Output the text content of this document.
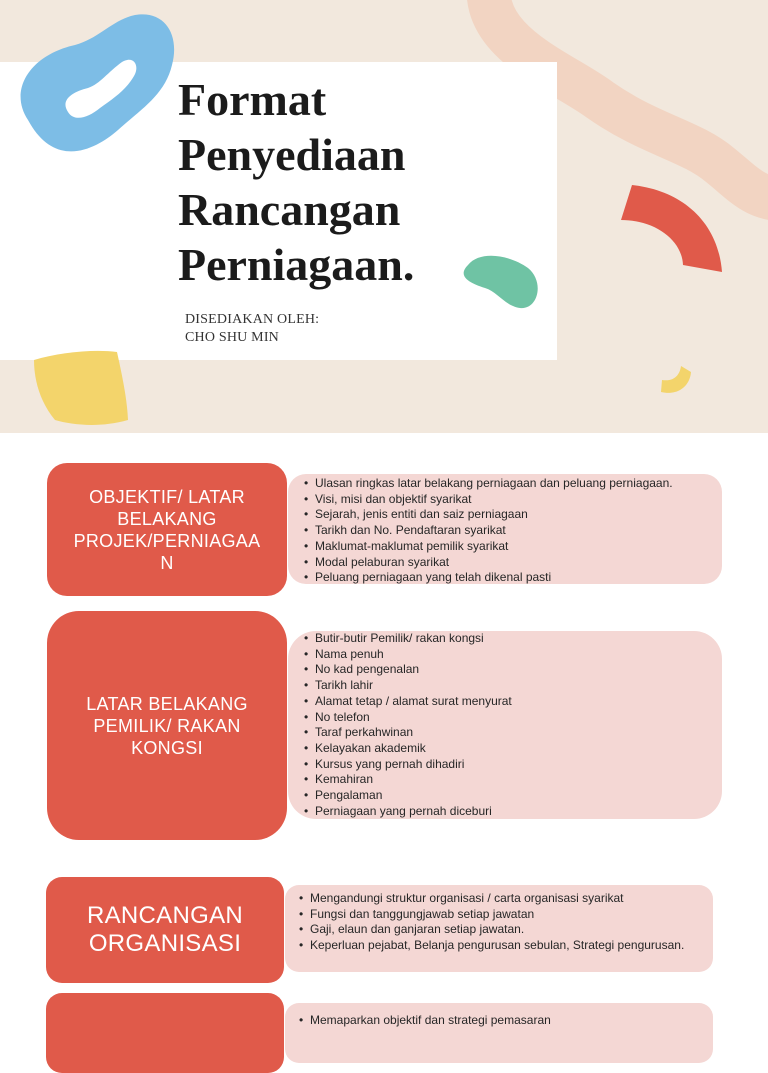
Format
Penyediaan
Rancangan
Perniagaan.
DISEDIAKAN OLEH:
CHO SHU MIN
OBJEKTIF/ LATAR
BELAKANG
PROJEK/PERNIAGAA
N
• Ulasan ringkas latar belakang perniagaan dan peluang perniagaan.
• Visi, misi dan objektif syarikat
• Sejarah, jenis entiti dan saiz perniagaan
• Tarikh dan No. Pendaftaran syarikat
• Maklumat-maklumat pemilik syarikat
• Modal pelaburan syarikat
• Peluang perniagaan yang telah dikenal pasti
LATAR BELAKANG
PEMILIK/ RAKAN
KONGSI
• Butir-butir Pemilik/ rakan kongsi
• Nama penuh
• No kad pengenalan
• Tarikh lahir
• Alamat tetap / alamat surat menyurat
• No telefon
• Taraf perkahwinan
• Kelayakan akademik
• Kursus yang pernah dihadiri
• Kemahiran
• Pengalaman
• Perniagaan yang pernah diceburi
RANCANGAN
ORGANISASI
• Mengandungi struktur organisasi / carta organisasi syarikat
• Fungsi dan tanggungjawab setiap jawatan
• Gaji, elaun dan ganjaran setiap jawatan.
• Keperluan pejabat, Belanja pengurusan sebulan, Strategi pengurusan.
• Memaparkan objektif dan strategi pemasaran
